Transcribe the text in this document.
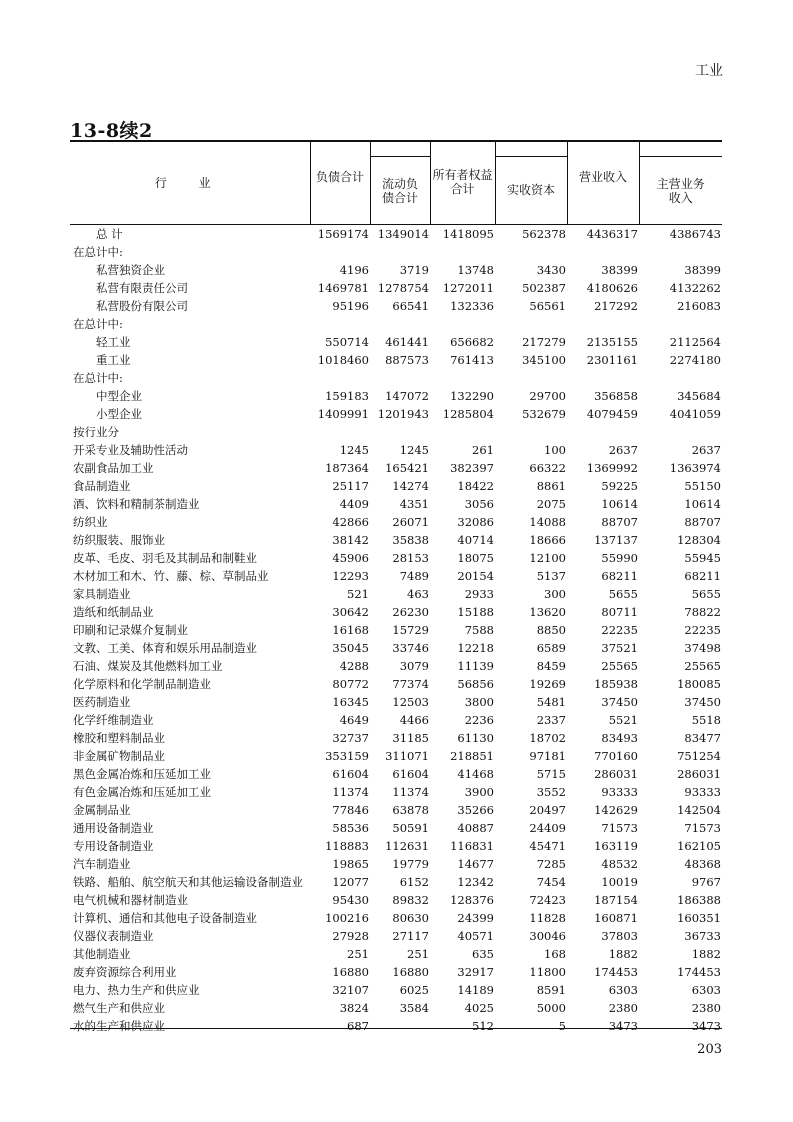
工业
13-8续2
行 业	负债合计	流动负债合计	所有者权益合计	实收资本	营业收入	主营业务收入

总 计	1569174	1349014	1418095	562378	4436317	4386743
在总计中:						
私营独资企业	4196	3719	13748	3430	38399	38399
私营有限责任公司	1469781	1278754	1272011	502387	4180626	4132262
私营股份有限公司	95196	66541	132336	56561	217292	216083
在总计中:						
轻工业	550714	461441	656682	217279	2135155	2112564
重工业	1018460	887573	761413	345100	2301161	2274180
在总计中:						
中型企业	159183	147072	132290	29700	356858	345684
小型企业	1409991	1201943	1285804	532679	4079459	4041059
按行业分						
开采专业及辅助性活动	1245	1245	261	100	2637	2637
农副食品加工业	187364	165421	382397	66322	1369992	1363974
食品制造业	25117	14274	18422	8861	59225	55150
酒、饮料和精制茶制造业	4409	4351	3056	2075	10614	10614
纺织业	42866	26071	32086	14088	88707	88707
纺织服装、服饰业	38142	35838	40714	18666	137137	128304
皮革、毛皮、羽毛及其制品和制鞋业	45906	28153	18075	12100	55990	55945
木材加工和木、竹、藤、棕、草制品业	12293	7489	20154	5137	68211	68211
家具制造业	521	463	2933	300	5655	5655
造纸和纸制品业	30642	26230	15188	13620	80711	78822
印刷和记录媒介复制业	16168	15729	7588	8850	22235	22235
文教、工美、体育和娱乐用品制造业	35045	33746	12218	6589	37521	37498
石油、煤炭及其他燃料加工业	4288	3079	11139	8459	25565	25565
化学原料和化学制品制造业	80772	77374	56856	19269	185938	180085
医药制造业	16345	12503	3800	5481	37450	37450
化学纤维制造业	4649	4466	2236	2337	5521	5518
橡胶和塑料制品业	32737	31185	61130	18702	83493	83477
非金属矿物制品业	353159	311071	218851	97181	770160	751254
黑色金属冶炼和压延加工业	61604	61604	41468	5715	286031	286031
有色金属冶炼和压延加工业	11374	11374	3900	3552	93333	93333
金属制品业	77846	63878	35266	20497	142629	142504
通用设备制造业	58536	50591	40887	24409	71573	71573
专用设备制造业	118883	112631	116831	45471	163119	162105
汽车制造业	19865	19779	14677	7285	48532	48368
铁路、船舶、航空航天和其他运输设备制造业	12077	6152	12342	7454	10019	9767
电气机械和器材制造业	95430	89832	128376	72423	187154	186388
计算机、通信和其他电子设备制造业	100216	80630	24399	11828	160871	160351
仪器仪表制造业	27928	27117	40571	30046	37803	36733
其他制造业	251	251	635	168	1882	1882
废弃资源综合利用业	16880	16880	32917	11800	174453	174453
电力、热力生产和供应业	32107	6025	14189	8591	6303	6303
燃气生产和供应业	3824	3584	4025	5000	2380	2380
水的生产和供应业	687		512	5	3473	3473
203
